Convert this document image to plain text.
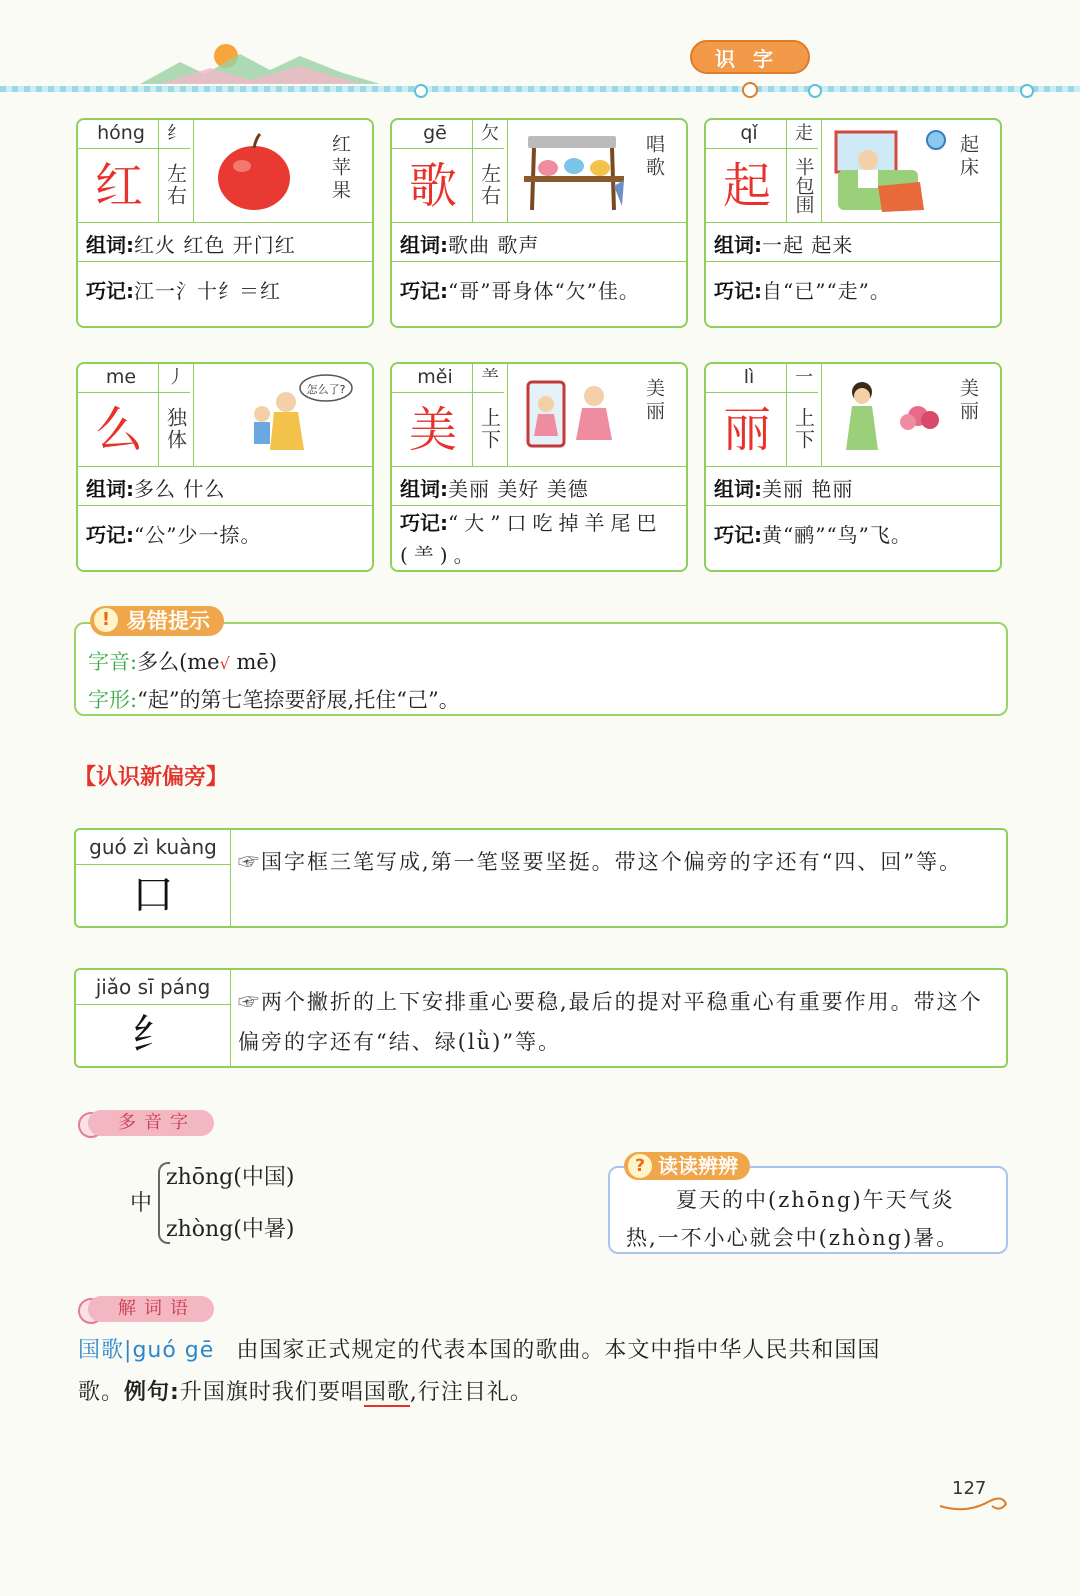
识字
hóng	纟
红	左右	红苹果
组词:红火 红色 开门红
巧记:江一氵十纟＝红
gē	欠
歌	左右
唱歌
组词:歌曲 歌声
巧记:“哥”哥身体“欠”佳。
qǐ	走
起	半包围	起床
组词:一起 起来
巧记:自“已”“走”。
me	丿
么	独体
怎么了?
组词:多么 什么
巧记:“公”少一捺。
měi	⺷
美	上下
美丽
组词:美丽 美好 美德
巧记:“大”口吃掉羊尾巴(⺷)。
lì	一
丽	上下
美丽
组词:美丽 艳丽
巧记:黄“鹂”“鸟”飞。
易错提示
!
字音:多么(me√ mē)
字形:“起”的第七笔捺要舒展,托住“己”。
【认识新偏旁】
guó zì kuàng
口
☞国字框三笔写成,第一笔竖要坚挺。带这个偏旁的字还有“四、回”等。
jiǎo sī páng
纟
☞两个撇折的上下安排重心要稳,最后的提对平稳重心有重要作用。带这个偏旁的字还有“结、绿(lǜ)”等。
多音字
中
zhōng(中国)
zhòng(中暑)
读读辨辨
?
夏天的中(zhōng)午天气炎
热,一不小心就会中(zhòng)暑。
解词语
国歌|guó gē 由国家正式规定的代表本国的歌曲。本文中指中华人民共和国国
歌。例句:升国旗时我们要唱国歌,行注目礼。
127
